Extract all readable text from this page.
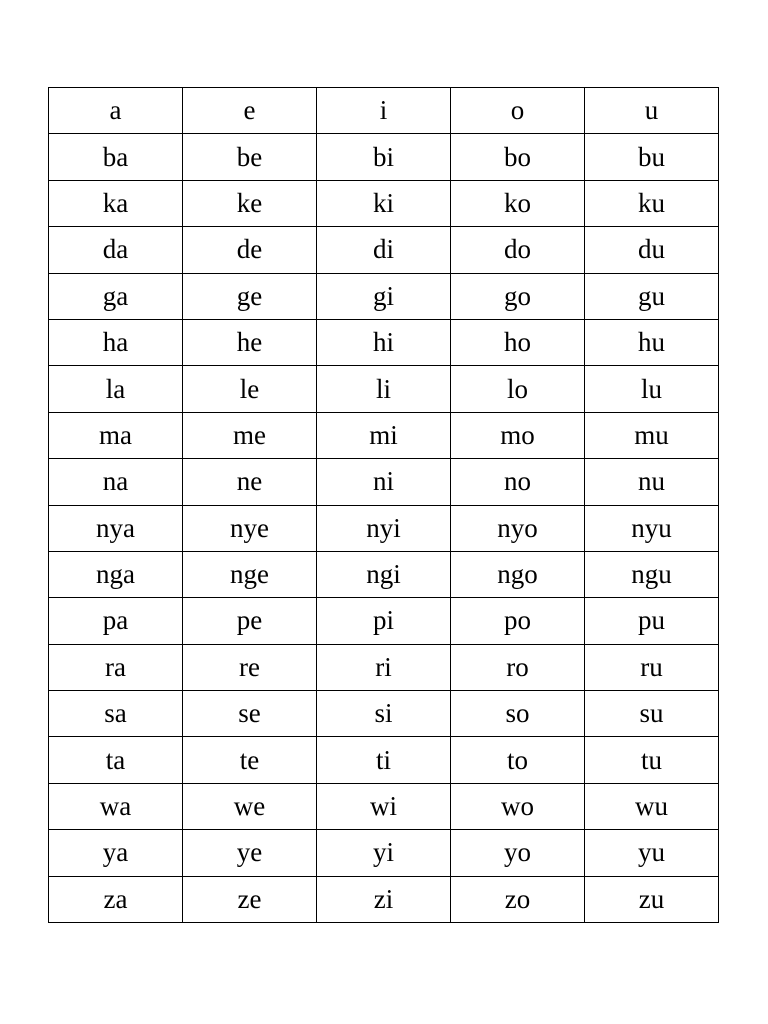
a	e	i	o	u
ba	be	bi	bo	bu
ka	ke	ki	ko	ku
da	de	di	do	du
ga	ge	gi	go	gu
ha	he	hi	ho	hu
la	le	li	lo	lu
ma	me	mi	mo	mu
na	ne	ni	no	nu
nya	nye	nyi	nyo	nyu
nga	nge	ngi	ngo	ngu
pa	pe	pi	po	pu
ra	re	ri	ro	ru
sa	se	si	so	su
ta	te	ti	to	tu
wa	we	wi	wo	wu
ya	ye	yi	yo	yu
za	ze	zi	zo	zu
